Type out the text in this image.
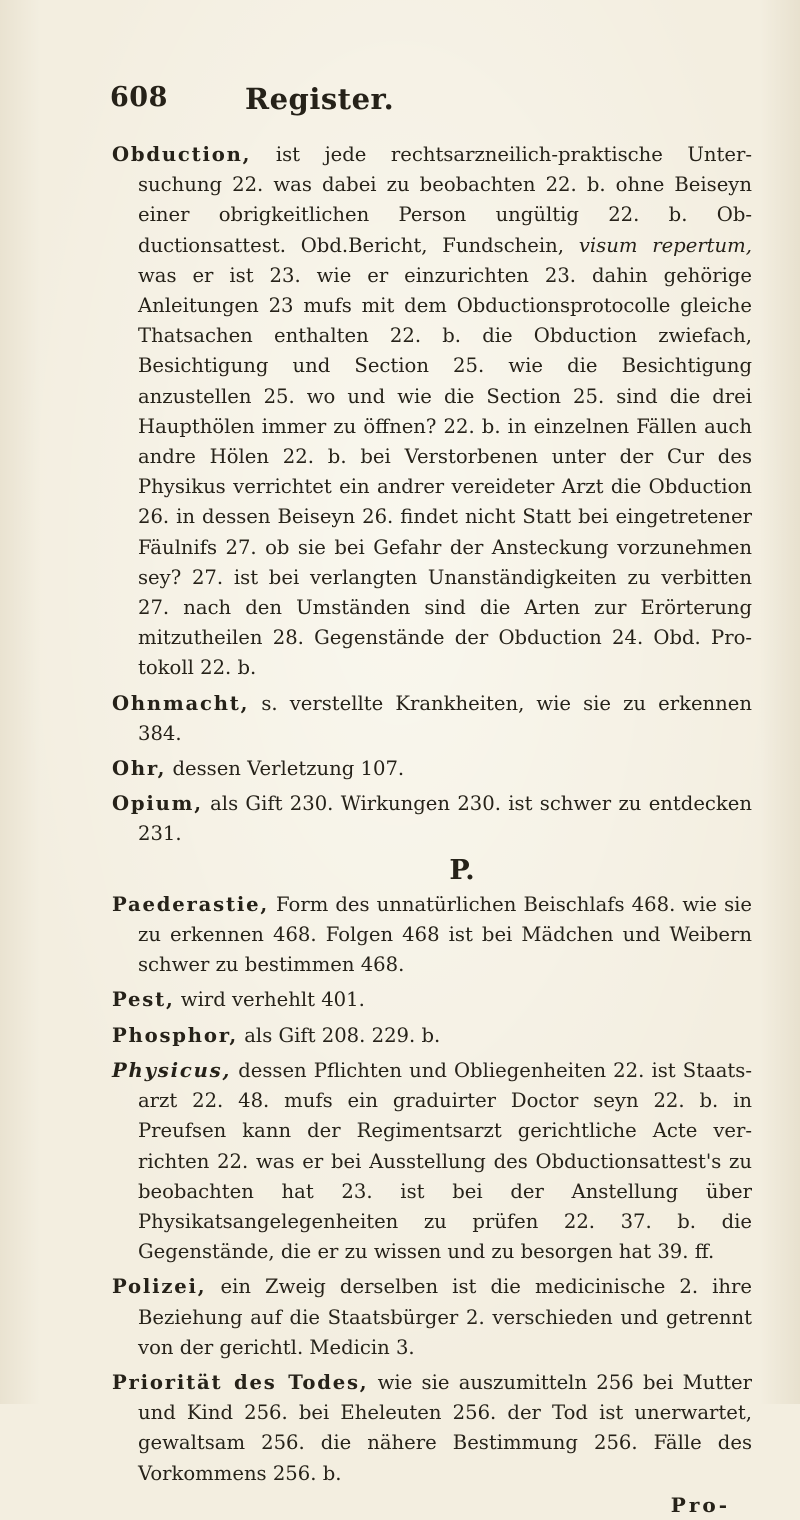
608	Register.

Obduction, ist jede rechtsarzneilich-praktische Untersuchung 22. was dabei zu beobachten 22. b. ohne Beiseyn einer obrigkeitlichen Person ungültig 22. b. Obductionsattest. Obd.Bericht, Fundschein, visum repertum, was er ist 23. wie er einzurichten 23. dahin gehörige Anleitungen 23 mufs mit dem Obductionsprotocolle gleiche Thatsachen enthalten 22. b. die Obduction zwiefach, Besichtigung und Section 25. wie die Besichtigung anzustellen 25. wo und wie die Section 25. sind die drei Haupthölen immer zu öffnen? 22. b. in einzelnen Fällen auch andre Hölen 22. b. bei Verstorbenen unter der Cur des Physikus verrichtet ein andrer vereideter Arzt die Obduction 26. in dessen Beiseyn 26. findet nicht Statt bei eingetretener Fäulnifs 27. ob sie bei Gefahr der Ansteckung vorzunehmen sey? 27. ist bei verlangten Unanständigkeiten zu verbitten 27. nach den Umständen sind die Arten zur Erörterung mitzutheilen 28. Gegenstände der Obduction 24. Obd. Protokoll 22. b.

Ohnmacht, s. verstellte Krankheiten, wie sie zu erkennen 384.

Ohr, dessen Verletzung 107.

Opium, als Gift 230. Wirkungen 230. ist schwer zu entdecken 231.

P.

Paederastie, Form des unnatürlichen Beischlafs 468. wie sie zu erkennen 468. Folgen 468 ist bei Mädchen und Weibern schwer zu bestimmen 468.

Pest, wird verhehlt 401.

Phosphor, als Gift 208. 229. b.

Physicus, dessen Pflichten und Obliegenheiten 22. ist Staatsarzt 22. 48. mufs ein graduirter Doctor seyn 22. b. in Preufsen kann der Regimentsarzt gerichtliche Acte verrichten 22. was er bei Ausstellung des Obductionsattest's zu beobachten hat 23. ist bei der Anstellung über Physikatsangelegenheiten zu prüfen 22. 37. b. die Gegenstände, die er zu wissen und zu besorgen hat 39. ff.

Polizei, ein Zweig derselben ist die medicinische 2. ihre Beziehung auf die Staatsbürger 2. verschieden und getrennt von der gerichtl. Medicin 3.

Priorität des Todes, wie sie auszumitteln 256 bei Mutter und Kind 256. bei Eheleuten 256. der Tod ist unerwartet, gewaltsam 256. die nähere Bestimmung 256. Fälle des Vorkommens 256. b.

Pro-
